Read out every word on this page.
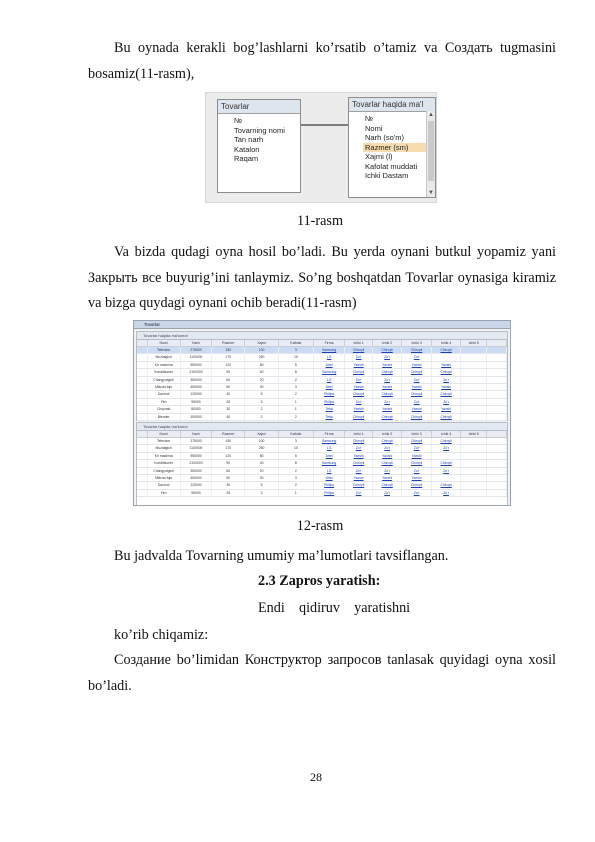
Bu oynada kerakli bog’lashlarni ko’rsatib o’tamiz va Создать tugmasini bosamiz(11-rasm),
Tovarlar
№
Tovarning nomi
Tan narh
Katalon
Raqam
Tovarlar haqida ma'l
№
Nomi
Narh (so'm)
Razmer (sm)
Xajmi (l)
Kafolat muddati
Ichki Dastam
▲
▼
11-rasm
Va bizda qudagi oyna hosil bo’ladi. Bu yerda oynani butkul yopamiz yani Закрыть все buyurig’ini tanlaymiz. So’ng boshqatdan Tovarlar oynasiga kiramiz va bizga quydagi oynani ochib beradi(11-rasm)
Tovarlar
Tovarlar haqida ma'lumot
Nomi	Narh	Razmer	Xajmi	Kafolat	Firma	Ichki 1	Ichki 2	Ichki 3	Ichki 4	Ichki 5
Televizor	275000	150	100	3	Samsung	Chiroyli	Chiroyli	Chiroyli	Chiroyli
Muzlatgich	1100000	170	250	10	LG	Zo'r	Zo'r	Zo'r
Kir mashina	950000	120	80	5	Artel	Yaxshi	Yaxshi	Yaxshi	Yaxshi
Konditsioner	2100000	90	40	8	Samsung	Chiroyli	Chiroyli	Chiroyli	Chiroyli
Changyutgich	350000	60	20	2	LG	Zo'r	Zo'r	Zo'r	Zo'r
Mikroto'lqin	450000	50	30	3	Artel	Yaxshi	Yaxshi	Yaxshi	Yaxshi
Dazmol	120000	30	5	2	Philips	Chiroyli	Chiroyli	Chiroyli	Chiroyli
Fen	95000	25	3	1	Philips	Zo'r	Zo'r	Zo'r	Zo'r
Choynak	80000	30	2	1	Tefal	Yaxshi	Yaxshi	Yaxshi	Yaxshi
Blender	150000	40	2	2	Tefal	Chiroyli	Chiroyli	Chiroyli	Chiroyli
Tovarlar haqida ma'lumot
Nomi	Narh	Razmer	Xajmi	Kafolat	Firma	Ichki 1	Ichki 2	Ichki 3	Ichki 4	Ichki 5
Televizor	275000	150	100	3	Samsung	Chiroyli	Chiroyli	Chiroyli	Chiroyli
Muzlatgich	1100000	170	250	10	LG	Zo'r	Zo'r	Zo'r	Zo'r
Kir mashina	950000	120	80	5	Artel	Yaxshi	Yaxshi	Yaxshi
Konditsioner	2100000	90	40	8	Samsung	Chiroyli	Chiroyli	Chiroyli	Chiroyli
Changyutgich	350000	60	20	2	LG	Zo'r	Zo'r	Zo'r	Zo'r
Mikroto'lqin	450000	50	30	3	Artel	Yaxshi	Yaxshi	Yaxshi
Dazmol	120000	30	5	2	Philips	Chiroyli	Chiroyli	Chiroyli	Chiroyli
Fen	95000	25	3	1	Philips	Zo'r	Zo'r	Zo'r	Zo'r
12-rasm
Bu jadvalda Tovarning umumiy ma’lumotlari tavsiflangan.
2.3 Zapros yaratish:
Endi    qidiruv    yaratishni
ko’rib chiqamiz:
Создание bo’limidan Конструктор запросов tanlasak quyidagi oyna xosil bo’ladi.
28
